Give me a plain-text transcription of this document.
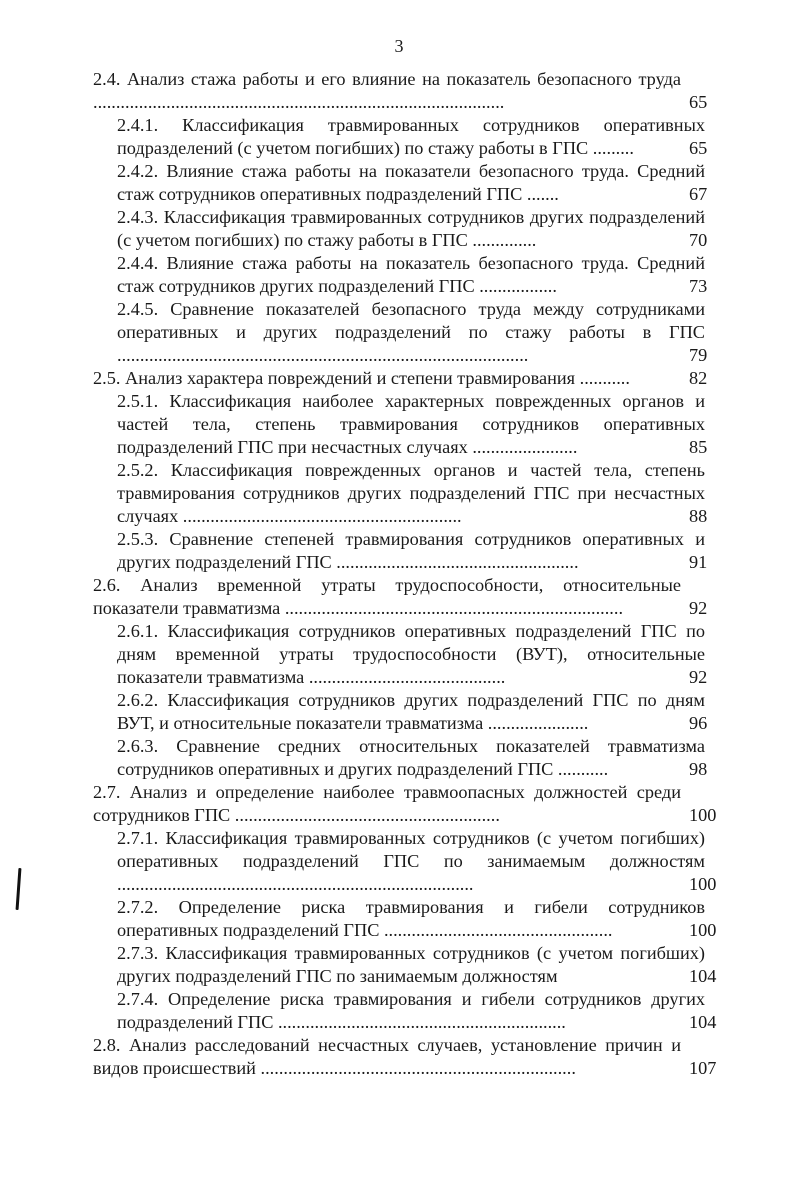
3
2.4. Анализ стажа работы и его влияние на показатель безопасного труда ..........................................................................................	65
2.4.1. Классификация травмированных сотрудников оперативных подразделений (с учетом погибших) по стажу работы в ГПС .........	65
2.4.2. Влияние стажа работы на показатели безопасного труда. Средний стаж сотрудников оперативных подразделений ГПС .......	67
2.4.3. Классификация травмированных сотрудников других подразделений (с учетом погибших) по стажу работы в ГПС ..............	70
2.4.4. Влияние стажа работы на показатель безопасного труда. Средний стаж сотрудников других подразделений ГПС .................	73
2.4.5. Сравнение показателей безопасного труда между сотрудниками оперативных и других подразделений по стажу работы в ГПС ..........................................................................................	79
2.5. Анализ характера повреждений и степени травмирования ...........	82
2.5.1. Классификация наиболее характерных поврежденных органов и частей тела, степень травмирования сотрудников оперативных подразделений ГПС при несчастных случаях .......................	85
2.5.2. Классификация поврежденных органов и частей тела, степень травмирования сотрудников других подразделений ГПС при несчастных случаях .............................................................	88
2.5.3. Сравнение степеней травмирования сотрудников оперативных и других подразделений ГПС .....................................................	91
2.6. Анализ временной утраты трудоспособности, относительные показатели травматизма ..........................................................................	92
2.6.1. Классификация сотрудников оперативных подразделений ГПС по дням временной утраты трудоспособности (ВУТ), относительные показатели травматизма ...........................................	92
2.6.2. Классификация сотрудников других подразделений ГПС по дням ВУТ, и относительные показатели травматизма ......................	96
2.6.3. Сравнение средних относительных показателей травматизма сотрудников оперативных и других подразделений ГПС ...........	98
2.7. Анализ и определение наиболее травмоопасных должностей среди сотрудников ГПС ..........................................................	100
2.7.1. Классификация травмированных сотрудников (с учетом погибших) оперативных подразделений ГПС по занимаемым должностям ..............................................................................	100
2.7.2. Определение риска травмирования и гибели сотрудников оперативных подразделений ГПС ..................................................	100
2.7.3. Классификация травмированных сотрудников (с учетом погибших) других подразделений ГПС по занимаемым должностям	104
2.7.4. Определение риска травмирования и гибели сотрудников других подразделений ГПС ...............................................................	104
2.8. Анализ расследований несчастных случаев, установление причин и видов происшествий .....................................................................	107
